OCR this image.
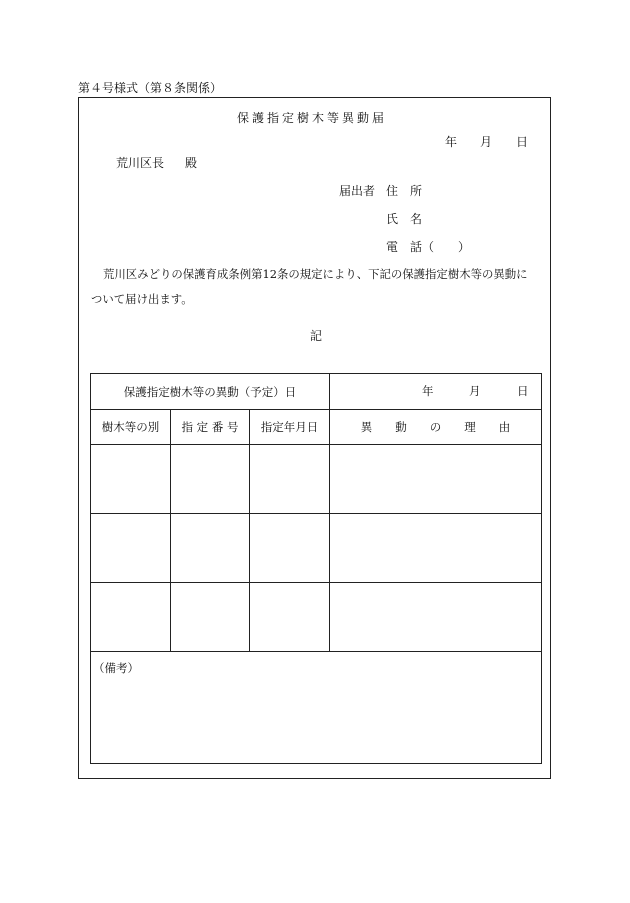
第４号様式（第８条関係）
保護指定樹木等異動届
年 月 日
荒川区長 殿
届出者 住　所
氏　名
電　話（　　）
荒川区みどりの保護育成条例第12条の規定により、下記の保護指定樹木等の異動に
ついて届け出ます。
記
保護指定樹木等の異動（予定）日			年 月 日

樹木等の別	指 定 番 号	指定年月日	異　　動　　の　　理　　由

（備考）			
